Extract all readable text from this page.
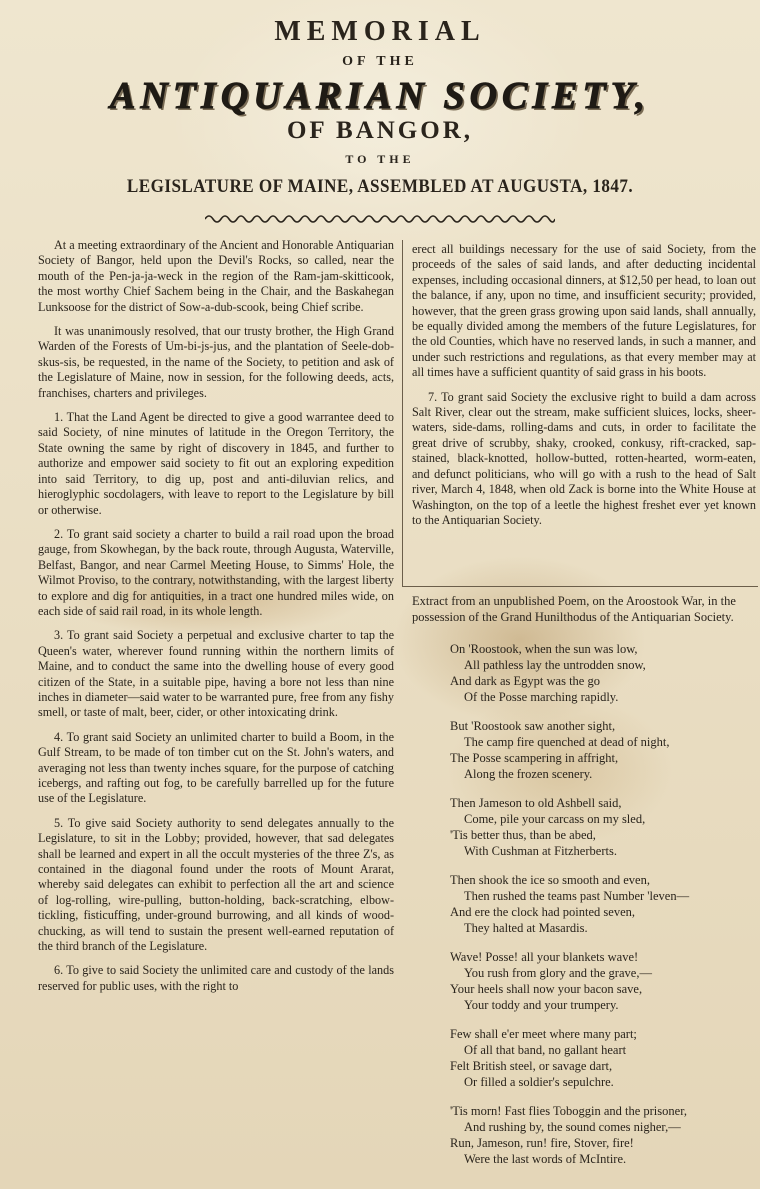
MEMORIAL
OF THE
ANTIQUARIAN SOCIETY,
OF BANGOR,
TO THE
LEGISLATURE OF MAINE, ASSEMBLED AT AUGUSTA, 1847.

At a meeting extraordinary of the Ancient and Honorable Antiquarian Society of Bangor, held upon the Devil's Rocks, so called, near the mouth of the Pen-ja-ja-weck in the region of the Ram-jam-skitticook, the most worthy Chief Sachem being in the Chair, and the Baskahegan Lunksoose for the district of Sow-a-dub-scook, being Chief scribe.

It was unanimously resolved, that our trusty brother, the High Grand Warden of the Forests of Um-bi-js-jus, and the plantation of Seele-dob-skus-sis, be requested, in the name of the Society, to petition and ask of the Legislature of Maine, now in session, for the following deeds, acts, franchises, charters and privileges.

1. That the Land Agent be directed to give a good warrantee deed to said Society, of nine minutes of latitude in the Oregon Territory, the State owning the same by right of discovery in 1845, and further to authorize and empower said society to fit out an exploring expedition into said Territory, to dig up, post and anti-diluvian relics, and hieroglyphic socdolagers, with leave to report to the Legislature by bill or otherwise.

2. To grant said society a charter to build a rail road upon the broad gauge, from Skowhegan, by the back route, through Augusta, Waterville, Belfast, Bangor, and near Carmel Meeting House, to Simms' Hole, the Wilmot Proviso, to the contrary, notwithstanding, with the largest liberty to explore and dig for antiquities, in a tract one hundred miles wide, on each side of said rail road, in its whole length.

3. To grant said Society a perpetual and exclusive charter to tap the Queen's water, wherever found running within the northern limits of Maine, and to conduct the same into the dwelling house of every good citizen of the State, in a suitable pipe, having a bore not less than nine inches in diameter—said water to be warranted pure, free from any fishy smell, or taste of malt, beer, cider, or other intoxicating drink.

4. To grant said Society an unlimited charter to build a Boom, in the Gulf Stream, to be made of ton timber cut on the St. John's waters, and averaging not less than twenty inches square, for the purpose of catching icebergs, and rafting out fog, to be carefully barrelled up for the future use of the Legislature.

5. To give said Society authority to send delegates annually to the Legislature, to sit in the Lobby; provided, however, that sad delegates shall be learned and expert in all the occult mysteries of the three Z's, as contained in the diagonal found under the roots of Mount Ararat, whereby said delegates can exhibit to perfection all the art and science of log-rolling, wire-pulling, button-holding, back-scratching, elbow-tickling, fisticuffing, under-ground burrowing, and all kinds of wood-chucking, as will tend to sustain the present well-earned reputation of the third branch of the Legislature.

6. To give to said Society the unlimited care and custody of the lands reserved for public uses, with the right to

erect all buildings necessary for the use of said Society, from the proceeds of the sales of said lands, and after deducting incidental expenses, including occasional dinners, at $12,50 per head, to loan out the balance, if any, upon no time, and insufficient security; provided, however, that the green grass growing upon said lands, shall annually, be equally divided among the members of the future Legislatures, for the old Counties, which have no reserved lands, in such a manner, and under such restrictions and regulations, as that every member may at all times have a sufficient quantity of said grass in his boots.

7. To grant said Society the exclusive right to build a dam across Salt River, clear out the stream, make sufficient sluices, locks, sheer-waters, side-dams, rolling-dams and cuts, in order to facilitate the great drive of scrubby, shaky, crooked, conkusy, rift-cracked, sap-stained, black-knotted, hollow-butted, rotten-hearted, worm-eaten, and defunct politicians, who will go with a rush to the head of Salt river, March 4, 1848, when old Zack is borne into the White House at Washington, on the top of a leetle the highest freshet ever yet known to the Antiquarian Society.

Extract from an unpublished Poem, on the Aroostook War, in the possession of the Grand Hunilthodus of the Antiquarian Society.

On 'Roostook, when the sun was low,
All pathless lay the untrodden snow,
And dark as Egypt was the go
Of the Posse marching rapidly.
But 'Roostook saw another sight,
The camp fire quenched at dead of night,
The Posse scampering in affright,
Along the frozen scenery.
Then Jameson to old Ashbell said,
Come, pile your carcass on my sled,
'Tis better thus, than be abed,
With Cushman at Fitzherberts.
Then shook the ice so smooth and even,
Then rushed the teams past Number 'leven—
And ere the clock had pointed seven,
They halted at Masardis.
Wave! Posse! all your blankets wave!
You rush from glory and the grave,—
Your heels shall now your bacon save,
Your toddy and your trumpery.
Few shall e'er meet where many part;
Of all that band, no gallant heart
Felt British steel, or savage dart,
Or filled a soldier's sepulchre.
'Tis morn! Fast flies Toboggin and the prisoner,
And rushing by, the sound comes nigher,—
Run, Jameson, run! fire, Stover, fire!
Were the last words of McIntire.
